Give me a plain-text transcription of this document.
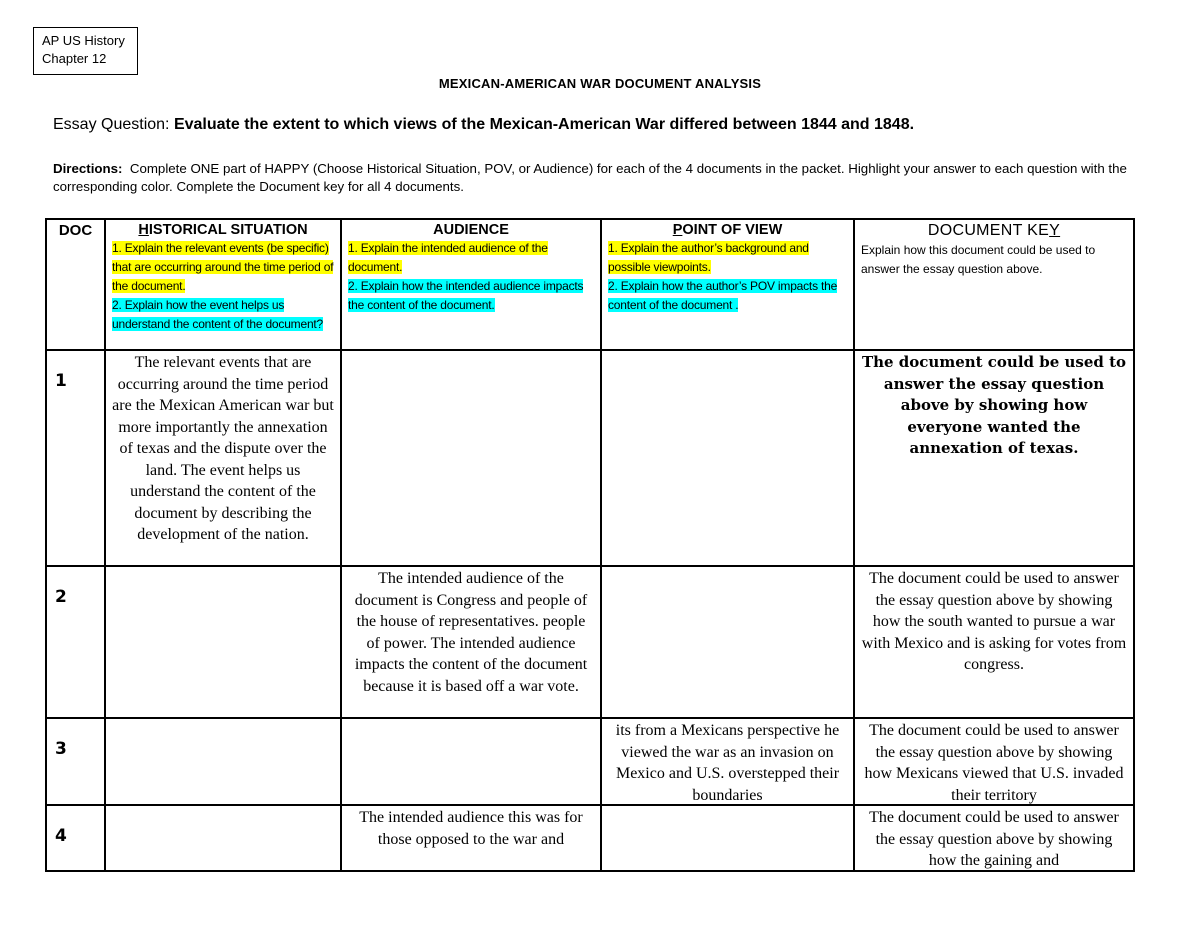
AP US History
Chapter 12
MEXICAN-AMERICAN WAR DOCUMENT ANALYSIS
Essay Question: Evaluate the extent to which views of the Mexican-American War differed between 1844 and 1848.
Directions: Complete ONE part of HAPPY (Choose Historical Situation, POV, or Audience) for each of the 4 documents in the packet. Highlight your answer to each question with the corresponding color. Complete the Document key for all 4 documents.
DOC	HISTORICAL SITUATION
1. Explain the relevant events (be specific) that are occurring around the time period of the document.
2. Explain how the event helps us understand the content of the document?	AUDIENCE
1. Explain the intended audience of the document.
2. Explain how the intended audience impacts the content of the document.	POINT OF VIEW
1. Explain the author’s background and possible viewpoints.
2. Explain how the author’s POV impacts the content of the document .	DOCUMENT KEY
Explain how this document could be used to answer the essay question above.

1	The relevant events that are occurring around the time period are the Mexican American war but more importantly the annexation of texas and the dispute over the land. The event helps us understand the content of the document by describing the development of the nation.			The document could be used to answer the essay question above by showing how everyone wanted the annexation of texas.
2		The intended audience of the document is Congress and people of the house of representatives. people of power. The intended audience impacts the content of the document because it is based off a war vote.		The document could be used to answer the essay question above by showing how the south wanted to pursue a war with Mexico and is asking for votes from congress.
3			its from a Mexicans perspective he viewed the war as an invasion on Mexico and U.S. overstepped their boundaries	The document could be used to answer the essay question above by showing how Mexicans viewed that U.S. invaded their territory

4		The intended audience this was for those opposed to the war and		The document could be used to answer the essay question above by showing how the gaining and
